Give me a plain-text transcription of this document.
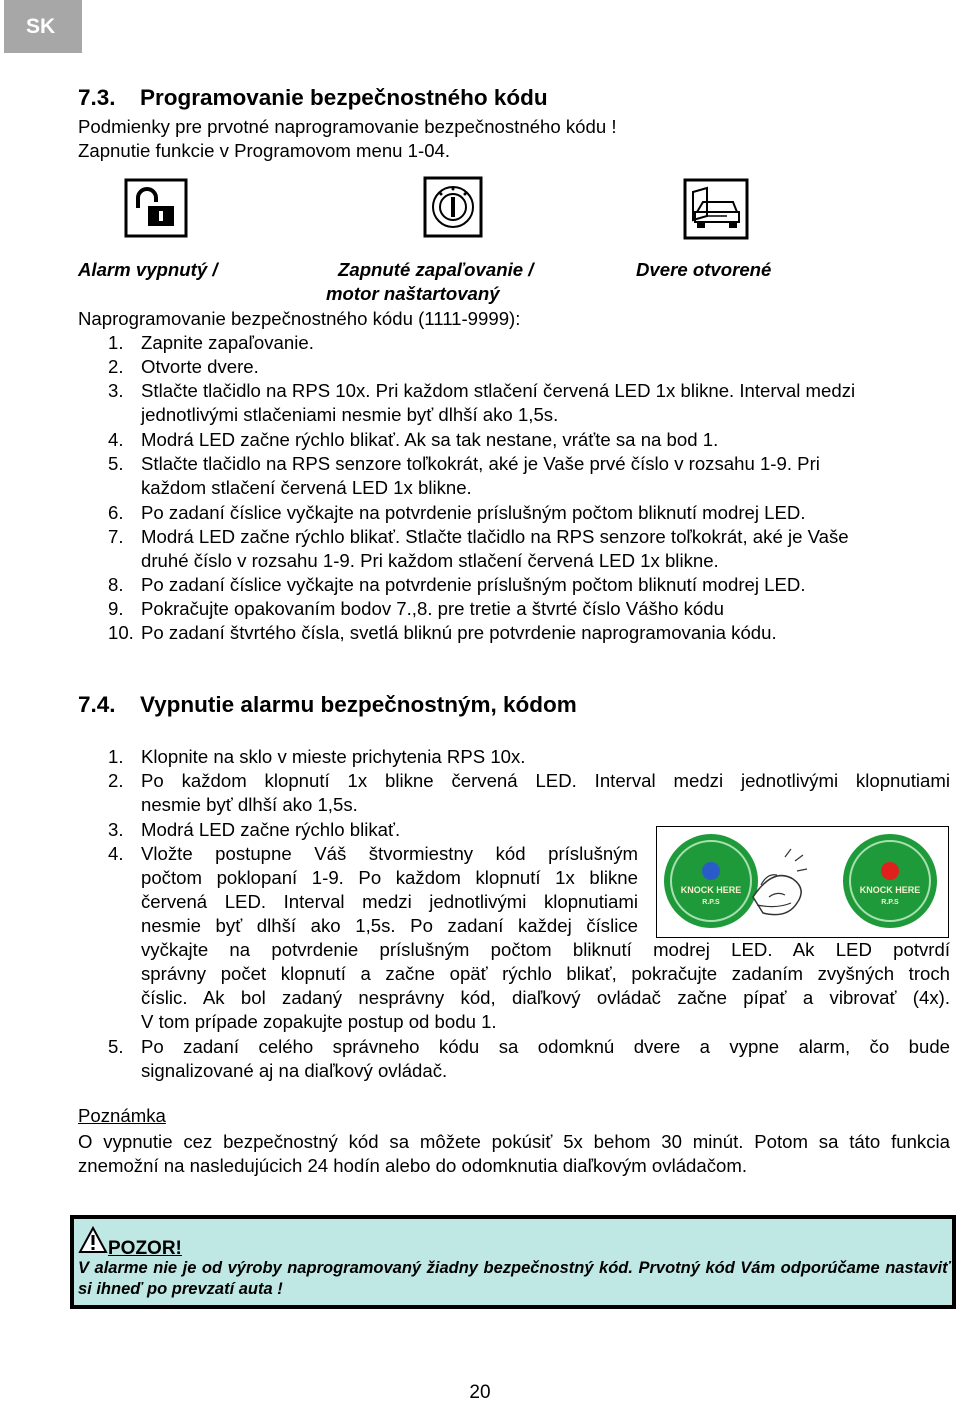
SK
7.3. Programovanie bezpečnostného kódu
Podmienky pre prvotné naprogramovanie bezpečnostného kódu !
Zapnutie funkcie v Programovom menu 1-04.
Alarm vypnutý /	Zapnuté zapaľovanie /	Dvere otvorené
motor naštartovaný
Naprogramovanie bezpečnostného kódu (1111-9999):
1. Zapnite zapaľovanie.
2. Otvorte dvere.
3. Stlačte tlačidlo na RPS 10x. Pri každom stlačení červená LED 1x blikne. Interval medzi
jednotlivými stlačeniami nesmie byť dlhší ako 1,5s.
4. Modrá LED začne rýchlo blikať. Ak sa tak nestane, vráťte sa na bod 1.
5. Stlačte tlačidlo na RPS senzore toľkokrát, aké je Vaše prvé číslo v rozsahu 1-9. Pri
každom stlačení červená LED 1x blikne.
6. Po zadaní číslice vyčkajte na potvrdenie príslušným počtom bliknutí modrej LED.
7. Modrá LED začne rýchlo blikať. Stlačte tlačidlo na RPS senzore toľkokrát, aké je Vaše
druhé číslo v rozsahu 1-9. Pri každom stlačení červená LED 1x blikne.
8. Po zadaní číslice vyčkajte na potvrdenie príslušným počtom bliknutí modrej LED.
9. Pokračujte opakovaním bodov 7.,8. pre tretie a štvrté číslo Vášho kódu
10. Po zadaní štvrtého čísla, svetlá bliknú pre potvrdenie naprogramovania kódu.
7.4. Vypnutie alarmu bezpečnostným, kódom
1. Klopnite na sklo v mieste prichytenia RPS 10x.
2. Po každom klopnutí 1x blikne červená LED. Interval medzi jednotlivými klopnutiami
nesmie byť dlhší ako 1,5s.
3. Modrá LED začne rýchlo blikať.
4. Vložte postupne Váš štvormiestny kód príslušným
počtom poklopaní 1-9. Po každom klopnutí 1x blikne
červená LED. Interval medzi jednotlivými klopnutiami
nesmie byť dlhší ako 1,5s. Po zadaní každej číslice
vyčkajte na potvrdenie príslušným počtom bliknutí modrej LED. Ak LED potvrdí
správny počet klopnutí a začne opäť rýchlo blikať, pokračujte zadaním zvyšných troch
číslic. Ak bol zadaný nesprávny kód, diaľkový ovládač začne pípať a vibrovať (4x).
V tom prípade zopakujte postup od bodu 1.
5. Po zadaní celého správneho kódu sa odomknú dvere a vypne alarm, čo bude
signalizované aj na diaľkový ovládač.
KNOCK HERE
R.P.S
KNOCK HERE
R.P.S
Poznámka
O vypnutie cez bezpečnostný kód sa môžete pokúsiť 5x behom 30 minút. Potom sa táto funkcia znemožní na nasledujúcich 24 hodín alebo do odomknutia diaľkovým ovládačom.
POZOR!
V alarme nie je od výroby naprogramovaný žiadny bezpečnostný kód. Prvotný kód Vám odporúčame nastaviť si ihneď po prevzatí auta !
20
